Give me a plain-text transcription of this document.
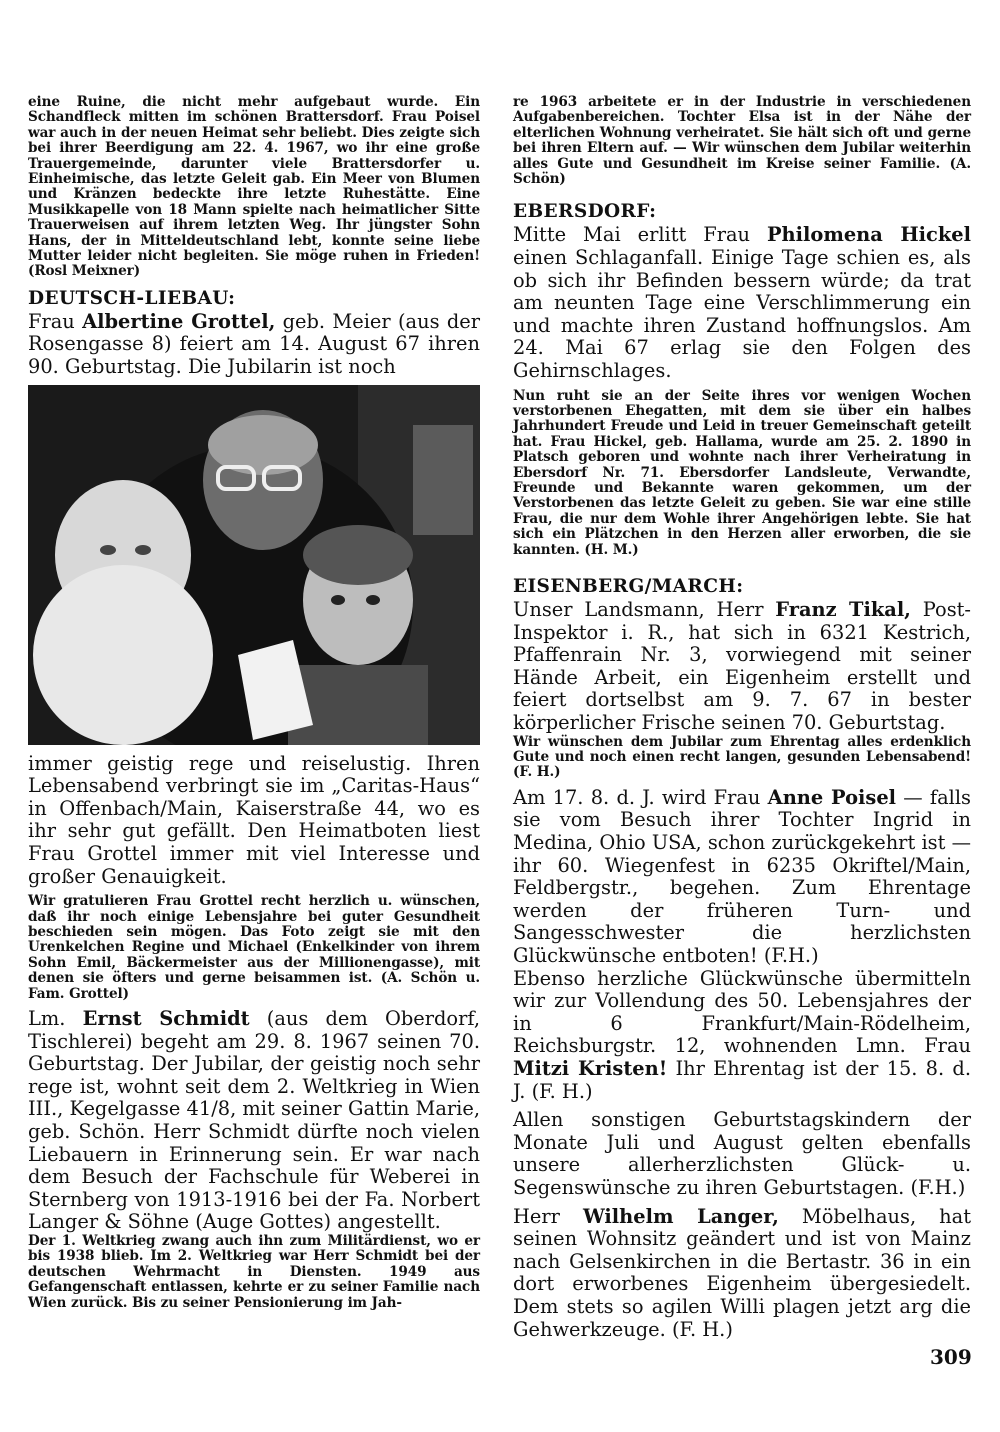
eine Ruine, die nicht mehr aufgebaut wurde. Ein Schandfleck mitten im schönen Brattersdorf. Frau Poisel war auch in der neuen Heimat sehr beliebt. Dies zeigte sich bei ihrer Beerdigung am 22. 4. 1967, wo ihr eine große Trauergemeinde, darunter viele Brattersdorfer u. Einheimische, das letzte Geleit gab. Ein Meer von Blumen und Kränzen bedeckte ihre letzte Ruhestätte. Eine Musikkapelle von 18 Mann spielte nach heimatlicher Sitte Trauerweisen auf ihrem letzten Weg. Ihr jüngster Sohn Hans, der in Mitteldeutschland lebt, konnte seine liebe Mutter leider nicht begleiten. Sie möge ruhen in Frieden! (Rosl Meixner)

DEUTSCH-LIEBAU:

Frau Albertine Grottel, geb. Meier (aus der Rosengasse 8) feiert am 14. August 67 ihren 90. Geburtstag. Die Jubilarin ist noch

immer geistig rege und reiselustig. Ihren Lebensabend verbringt sie im „Caritas-Haus“ in Offenbach/Main, Kaiserstraße 44, wo es ihr sehr gut gefällt. Den Heimatboten liest Frau Grottel immer mit viel Interesse und großer Genauigkeit.

Wir gratulieren Frau Grottel recht herzlich u. wünschen, daß ihr noch einige Lebensjahre bei guter Gesundheit beschieden sein mögen. Das Foto zeigt sie mit den Urenkelchen Regine und Michael (Enkelkinder von ihrem Sohn Emil, Bäckermeister aus der Millionengasse), mit denen sie öfters und gerne beisammen ist. (A. Schön u. Fam. Grottel)

Lm. Ernst Schmidt (aus dem Oberdorf, Tischlerei) begeht am 29. 8. 1967 seinen 70. Geburtstag. Der Jubilar, der geistig noch sehr rege ist, wohnt seit dem 2. Weltkrieg in Wien III., Kegelgasse 41/8, mit seiner Gattin Marie, geb. Schön. Herr Schmidt dürfte noch vielen Liebauern in Erinnerung sein. Er war nach dem Besuch der Fachschule für Weberei in Sternberg von 1913-1916 bei der Fa. Norbert Langer & Söhne (Auge Gottes) angestellt.

Der 1. Weltkrieg zwang auch ihn zum Militärdienst, wo er bis 1938 blieb. Im 2. Weltkrieg war Herr Schmidt bei der deutschen Wehrmacht in Diensten. 1949 aus Gefangenschaft entlassen, kehrte er zu seiner Familie nach Wien zurück. Bis zu seiner Pensionierung im Jah-

re 1963 arbeitete er in der Industrie in verschiedenen Aufgabenbereichen. Tochter Elsa ist in der Nähe der elterlichen Wohnung verheiratet. Sie hält sich oft und gerne bei ihren Eltern auf. — Wir wünschen dem Jubilar weiterhin alles Gute und Gesundheit im Kreise seiner Familie. (A. Schön)

EBERSDORF:

Mitte Mai erlitt Frau Philomena Hickel einen Schlaganfall. Einige Tage schien es, als ob sich ihr Befinden bessern würde; da trat am neunten Tage eine Verschlimmerung ein und machte ihren Zustand hoffnungslos. Am 24. Mai 67 erlag sie den Folgen des Gehirnschlages.

Nun ruht sie an der Seite ihres vor wenigen Wochen verstorbenen Ehegatten, mit dem sie über ein halbes Jahrhundert Freude und Leid in treuer Gemeinschaft geteilt hat. Frau Hickel, geb. Hallama, wurde am 25. 2. 1890 in Platsch geboren und wohnte nach ihrer Verheiratung in Ebersdorf Nr. 71. Ebersdorfer Landsleute, Verwandte, Freunde und Bekannte waren gekommen, um der Verstorbenen das letzte Geleit zu geben. Sie war eine stille Frau, die nur dem Wohle ihrer Angehörigen lebte. Sie hat sich ein Plätzchen in den Herzen aller erworben, die sie kannten. (H. M.)

EISENBERG/MARCH:

Unser Landsmann, Herr Franz Tikal, Post-Inspektor i. R., hat sich in 6321 Kestrich, Pfaffenrain Nr. 3, vorwiegend mit seiner Hände Arbeit, ein Eigenheim erstellt und feiert dortselbst am 9. 7. 67 in bester körperlicher Frische seinen 70. Geburtstag.

Wir wünschen dem Jubilar zum Ehrentag alles erdenklich Gute und noch einen recht langen, gesunden Lebensabend! (F. H.)

Am 17. 8. d. J. wird Frau Anne Poisel — falls sie vom Besuch ihrer Tochter Ingrid in Medina, Ohio USA, schon zurückgekehrt ist — ihr 60. Wiegenfest in 6235 Okriftel/Main, Feldbergstr., begehen. Zum Ehrentage werden der früheren Turn- und Sangesschwester die herzlichsten Glückwünsche entboten! (F.H.)

Ebenso herzliche Glückwünsche übermitteln wir zur Vollendung des 50. Lebensjahres der in 6 Frankfurt/Main-Rödelheim, Reichsburgstr. 12, wohnenden Lmn. Frau Mitzi Kristen! Ihr Ehrentag ist der 15. 8. d. J. (F. H.)

Allen sonstigen Geburtstagskindern der Monate Juli und August gelten ebenfalls unsere allerherzlichsten Glück- u. Segenswünsche zu ihren Geburtstagen. (F.H.)

Herr Wilhelm Langer, Möbelhaus, hat seinen Wohnsitz geändert und ist von Mainz nach Gelsenkirchen in die Bertastr. 36 in ein dort erworbenes Eigenheim übergesiedelt. Dem stets so agilen Willi plagen jetzt arg die Gehwerkzeuge. (F. H.)

309
